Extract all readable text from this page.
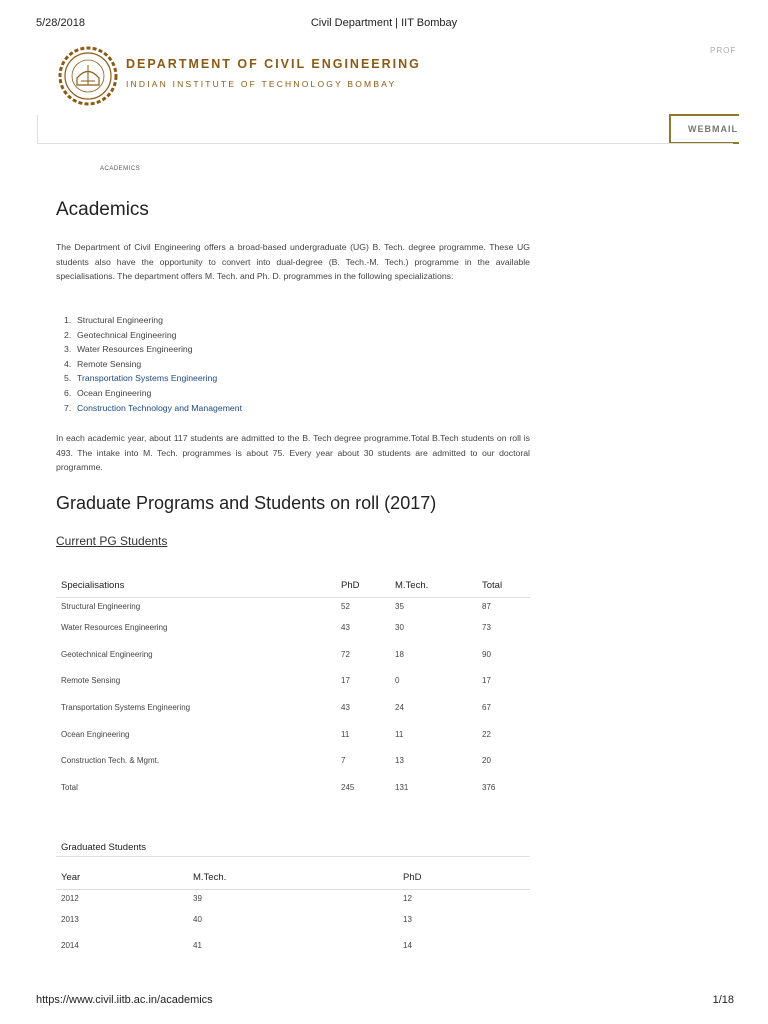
5/28/2018	Civil Department | IIT Bombay
DEPARTMENT OF CIVIL ENGINEERING
INDIAN INSTITUTE OF TECHNOLOGY BOMBAY
PROF
WEBMAIL
ACADEMICS
Academics

The Department of Civil Engineering offers a broad-based undergraduate (UG) B. Tech. degree programme. These UG students also have the opportunity to convert into dual-degree (B. Tech.-M. Tech.) programme in the available specialisations. The department offers M. Tech. and Ph. D. programmes in the following specializations:

1. Structural Engineering
2. Geotechnical Engineering
3. Water Resources Engineering
4. Remote Sensing
5. Transportation Systems Engineering
6. Ocean Engineering
7. Construction Technology and Management

In each academic year, about 117 students are admitted to the B. Tech degree programme.Total B.Tech students on roll is 493. The intake into M. Tech. programmes is about 75. Every year about 30 students are admitted to our doctoral programme.

Graduate Programs and Students on roll (2017)
Current PG Students
Specialisations	PhD	M.Tech.	Total
Structural Engineering	52	35	87
Water Resources Engineering	43	30	73
Geotechnical Engineering	72	18	90
Remote Sensing	17	0	17
Transportation Systems Engineering	43	24	67
Ocean Engineering	11	11	22
Construction Tech. & Mgmt.	7	13	20
Total	245	131	376
Graduated Students
Year	M.Tech.	PhD
2012	39	12
2013	40	13
2014	41	14
https://www.civil.iitb.ac.in/academics	1/18
